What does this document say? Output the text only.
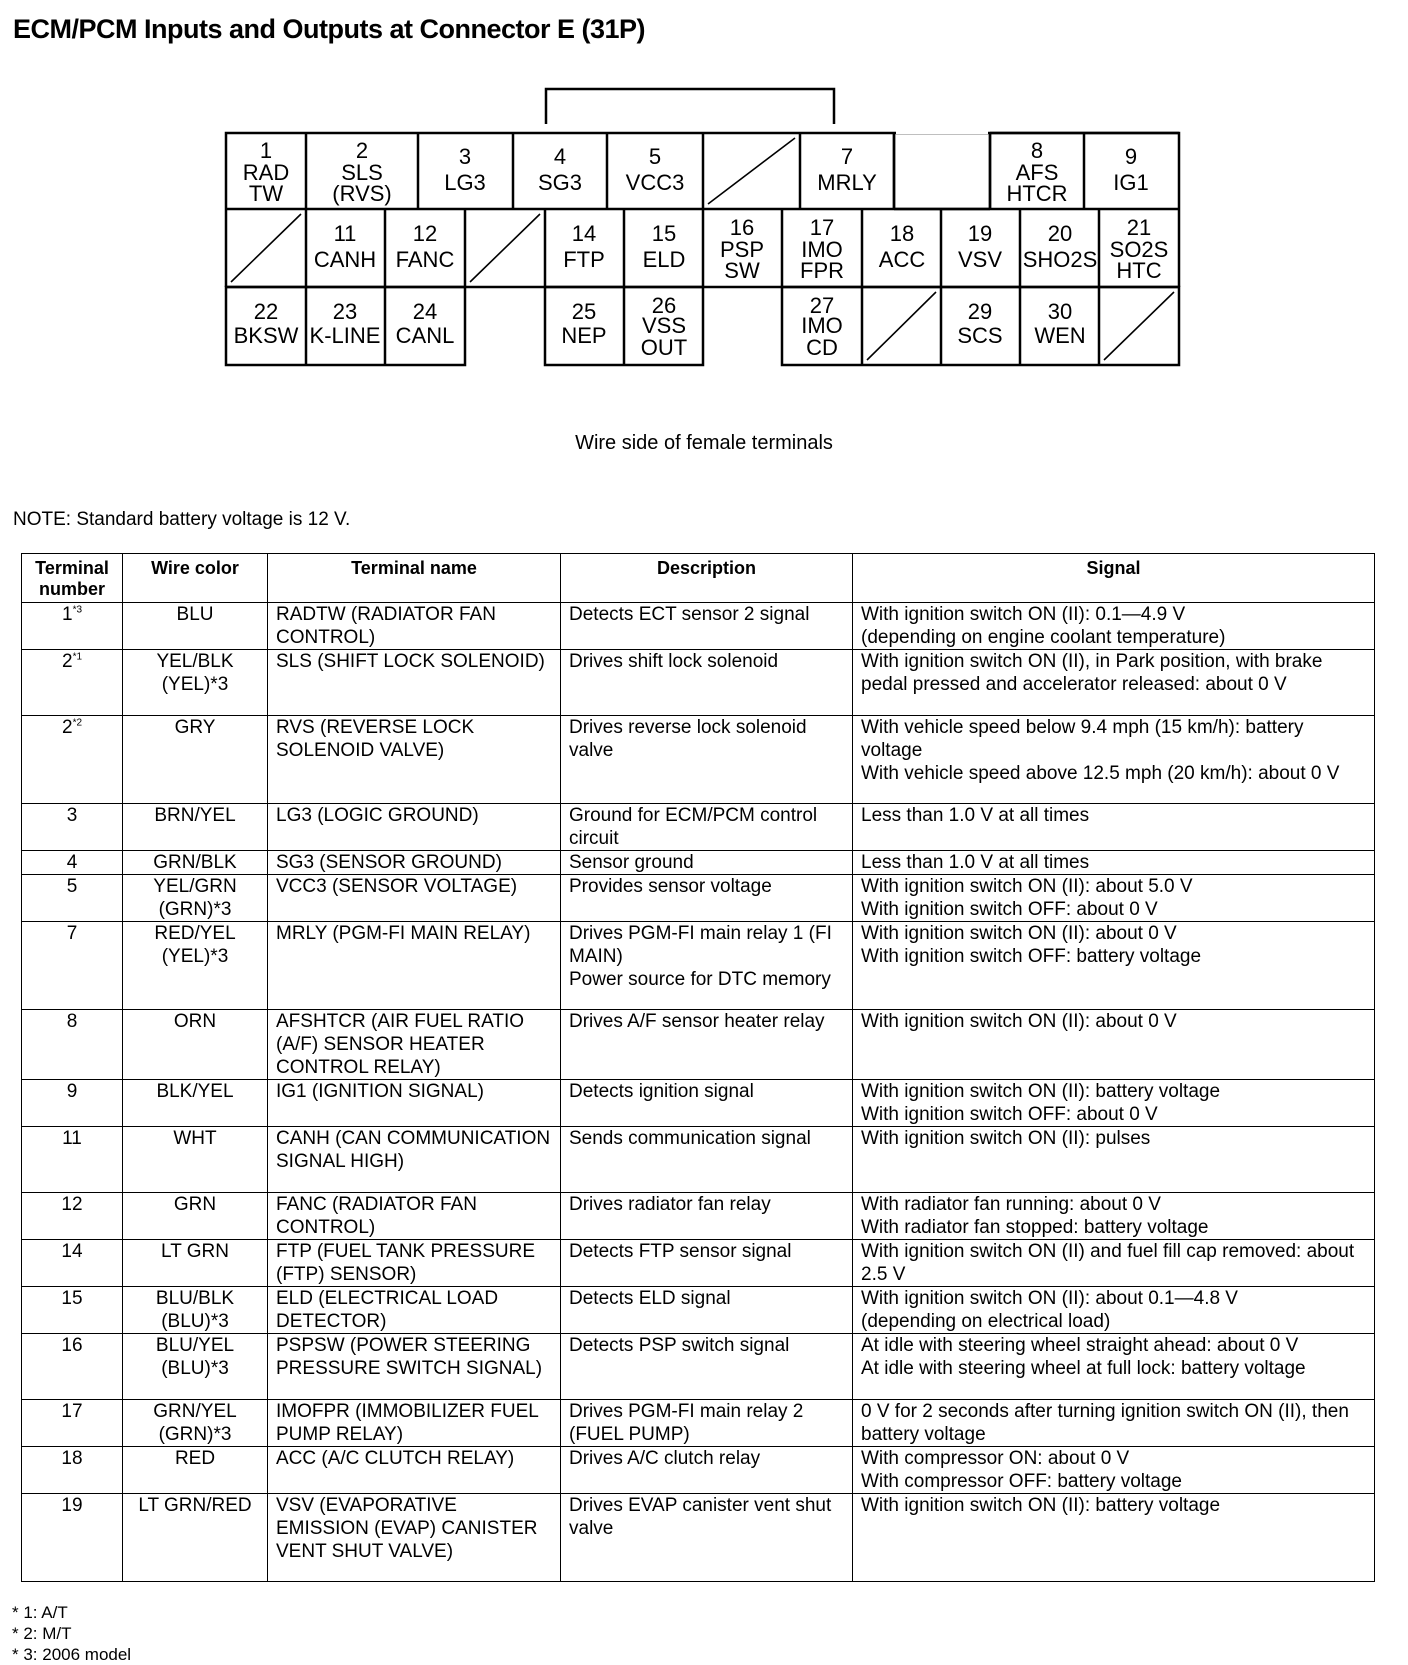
ECM/PCM Inputs and Outputs at Connector E (31P)
1
RAD
TW
2
SLS
(RVS)
3
LG3
4
SG3
5
VCC3
7
MRLY
8
AFS
HTCR
9
IG1
11
CANH
12
FANC
14
FTP
15
ELD
16
PSP
SW
17
IMO
FPR
18
ACC
19
VSV
20
SHO2S
21
SO2S
HTC
22
BKSW
23
K-LINE
24
CANL
25
NEP
26
VSS
OUT
27
IMO
CD
29
SCS
30
WEN
Wire side of female terminals
NOTE: Standard battery voltage is 12 V.
Terminal number	Wire color	Terminal name	Description	Signal
1$^{*3}$	BLU	RADTW (RADIATOR FAN CONTROL)	Detects ECT sensor 2 signal	With ignition switch ON (II): 0.1—4.9 V
(depending on engine coolant temperature)
2$^{*1}$	YEL/BLK
(YEL)*3	SLS (SHIFT LOCK SOLENOID)	Drives shift lock solenoid	With ignition switch ON (II), in Park position, with brake pedal pressed and accelerator released: about 0 V
2$^{*2}$	GRY	RVS (REVERSE LOCK SOLENOID VALVE)	Drives reverse lock solenoid valve	With vehicle speed below 9.4 mph (15 km/h): battery voltage
With vehicle speed above 12.5 mph (20 km/h): about 0 V
3	BRN/YEL	LG3 (LOGIC GROUND)	Ground for ECM/PCM control circuit	Less than 1.0 V at all times
4	GRN/BLK	SG3 (SENSOR GROUND)	Sensor ground	Less than 1.0 V at all times
5	YEL/GRN
(GRN)*3	VCC3 (SENSOR VOLTAGE)	Provides sensor voltage	With ignition switch ON (II): about 5.0 V
With ignition switch OFF: about 0 V
7	RED/YEL
(YEL)*3	MRLY (PGM-FI MAIN RELAY)	Drives PGM-FI main relay 1 (FI MAIN)
Power source for DTC memory	With ignition switch ON (II): about 0 V
With ignition switch OFF: battery voltage
8	ORN	AFSHTCR (AIR FUEL RATIO (A/F) SENSOR HEATER CONTROL RELAY)	Drives A/F sensor heater relay	With ignition switch ON (II): about 0 V
9	BLK/YEL	IG1 (IGNITION SIGNAL)	Detects ignition signal	With ignition switch ON (II): battery voltage
With ignition switch OFF: about 0 V
11	WHT	CANH (CAN COMMUNICATION SIGNAL HIGH)	Sends communication signal	With ignition switch ON (II): pulses
12	GRN	FANC (RADIATOR FAN CONTROL)	Drives radiator fan relay	With radiator fan running: about 0 V
With radiator fan stopped: battery voltage
14	LT GRN	FTP (FUEL TANK PRESSURE (FTP) SENSOR)	Detects FTP sensor signal	With ignition switch ON (II) and fuel fill cap removed: about 2.5 V
15	BLU/BLK
(BLU)*3	ELD (ELECTRICAL LOAD DETECTOR)	Detects ELD signal	With ignition switch ON (II): about 0.1—4.8 V
(depending on electrical load)
16	BLU/YEL
(BLU)*3	PSPSW (POWER STEERING PRESSURE SWITCH SIGNAL)	Detects PSP switch signal	At idle with steering wheel straight ahead: about 0 V
At idle with steering wheel at full lock: battery voltage
17	GRN/YEL
(GRN)*3	IMOFPR (IMMOBILIZER FUEL PUMP RELAY)	Drives PGM-FI main relay 2 (FUEL PUMP)	0 V for 2 seconds after turning ignition switch ON (II), then battery voltage
18	RED	ACC (A/C CLUTCH RELAY)	Drives A/C clutch relay	With compressor ON: about 0 V
With compressor OFF: battery voltage
19	LT GRN/RED	VSV (EVAPORATIVE EMISSION (EVAP) CANISTER VENT SHUT VALVE)	Drives EVAP canister vent shut valve	With ignition switch ON (II): battery voltage
* 1: A/T
* 2: M/T
* 3: 2006 model
